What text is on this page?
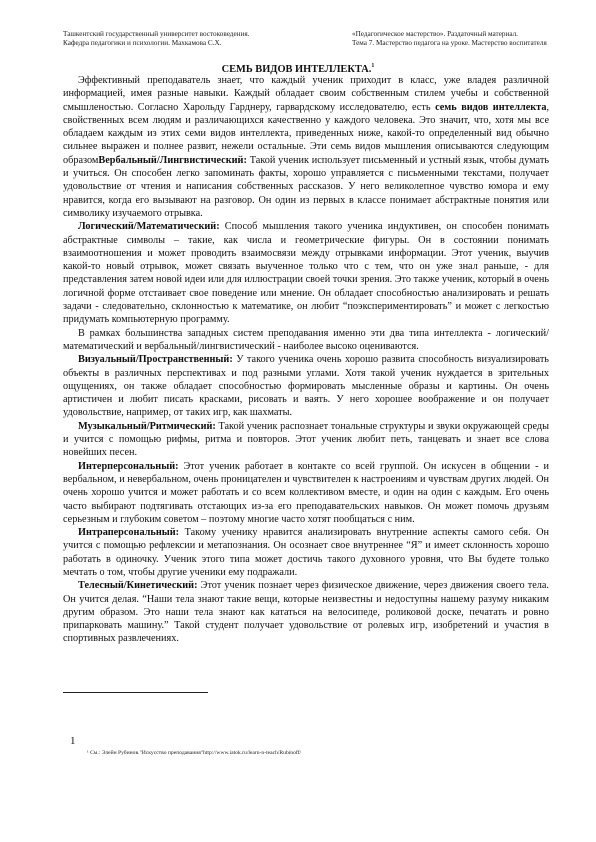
Ташкентский государственный университет востоковедения.
Кафедра педагогики и психологии. Махкамова С.Х.
«Педагогическое мастерство». Раздаточный материал.
Тема 7. Мастерство педагога на уроке. Мастерство воспитателя
СЕМЬ ВИДОВ ИНТЕЛЛЕКТА.$^1$

Эффективный преподаватель знает, что каждый ученик приходит в класс, уже владея различной информацией, имея разные навыки. Каждый обладает своим собственным стилем учебы и собственной смышленостью. Согласно Харольду Гарднеру, гарвардскому исследователю, есть семь видов интеллекта, свойственных всем людям и различающихся качественно у каждого человека. Это значит, что, хотя мы все обладаем каждым из этих семи видов интеллекта, приведенных ниже, какой-то определенный вид обычно сильнее выражен и полнее развит, нежели остальные. Эти семь видов мышления описываются следующим образомВербальный/Лингвистический: Такой ученик использует письменный и устный язык, чтобы думать и учиться. Он способен легко запоминать факты, хорошо управляется с письменными текстами, получает удовольствие от чтения и написания собственных рассказов. У него великолепное чувство юмора и ему нравится, когда его вызывают на разговор. Он один из первых в классе понимает абстрактные понятия или символику изучаемого отрывка.

Логический/Математический: Способ мышления такого ученика индуктивен, он способен понимать абстрактные символы – такие, как числа и геометрические фигуры. Он в состоянии понимать взаимоотношения и может проводить взаимосвязи между отрывками информации. Этот ученик, выучив какой-то новый отрывок, может связать выученное только что с тем, что он уже знал раньше, - для представления затем новой идеи или для иллюстрации своей точки зрения. Это также ученик, который в очень логичной форме отстаивает свое поведение или мнение. Он обладает способностью анализировать и решать задачи - следовательно, склонностью к математике, он любит “поэкспериментировать” и может с легкостью придумать компьютерную программу.

В рамках большинства западных систем преподавания именно эти два типа интеллекта - логический/математический и вербальный/лингвистический - наиболее высоко оцениваются.

Визуальный/Пространственный: У такого ученика очень хорошо развита способность визуализировать объекты в различных перспективах и под разными углами. Хотя такой ученик нуждается в зрительных ощущениях, он также обладает способностью формировать мысленные образы и картины. Он очень артистичен и любит писать красками, рисовать и ваять. У него хорошее воображение и он получает удовольствие, например, от таких игр, как шахматы.

Музыкальный/Ритмический: Такой ученик распознает тональные структуры и звуки окружающей среды и учится с помощью рифмы, ритма и повторов. Этот ученик любит петь, танцевать и знает все слова новейших песен.

Интерперсональный: Этот ученик работает в контакте со всей группой. Он искусен в общении - и вербальном, и невербальном, очень проницателен и чувствителен к настроениям и чувствам других людей. Он очень хорошо учится и может работать и со всем коллективом вместе, и один на один с каждым. Его очень часто выбирают подтягивать отстающих из-за его преподавательских навыков. Он может помочь друзьям серьезным и глубоким советом – поэтому многие часто хотят пообщаться с ним.

Интраперсональный: Такому ученику нравится анализировать внутренние аспекты самого себя. Он учится с помощью рефлексии и метапознания. Он осознает свое внутреннее “Я” и имеет склонность хорошо работать в одиночку. Ученик этого типа может достичь такого духовного уровня, что Вы будете только мечтать о том, чтобы другие ученики ему подражали.

Телесный/Кинетический: Этот ученик познает через физическое движение, через движения своего тела. Он учится делая. “Наши тела знают такие вещи, которые неизвестны и недоступны нашему разуму никаким другим образом. Это наши тела знают как кататься на велосипеде, роликовой доске, печатать и ровно припарковать машину.” Такой студент получает удовольствие от ролевых игр, изобретений и участия в спортивных развлечениях.

1
¹ См.: Элейн Рубинов."Искусство преподавания"http://www.iatok.ru/learn-n-teach/Rubinoff/
